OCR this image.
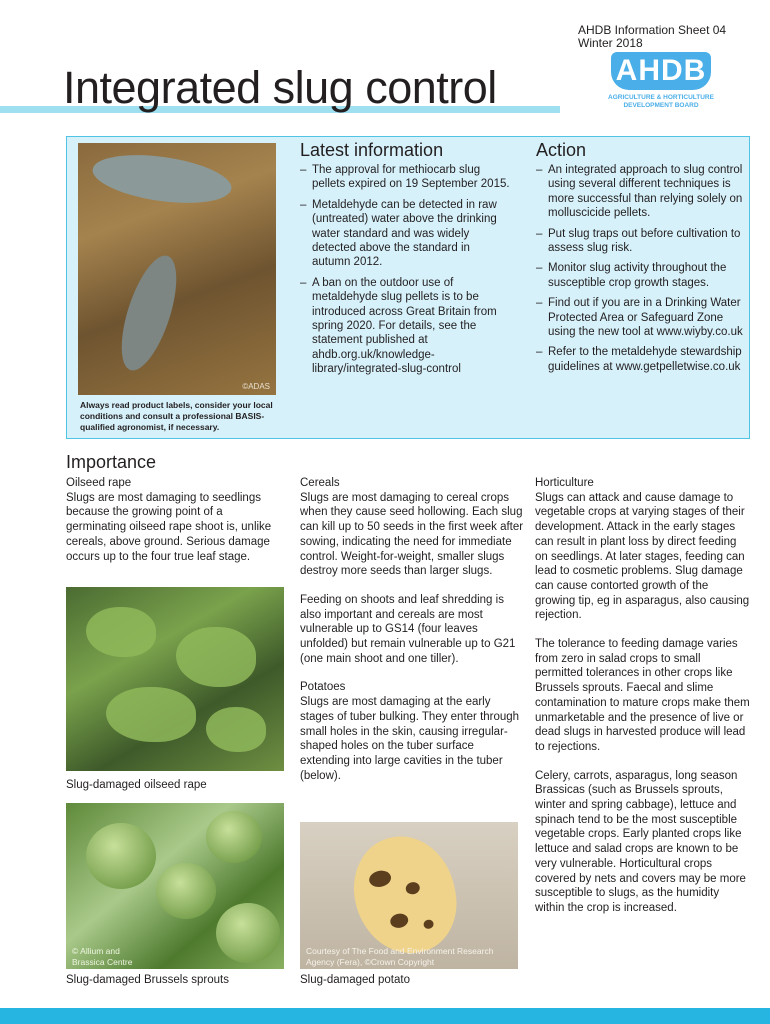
AHDB Information Sheet 04
Winter 2018
AHDB
AGRICULTURE & HORTICULTURE
DEVELOPMENT BOARD
Integrated slug control
©ADAS
Always read product labels, consider your local conditions and consult a professional BASIS-qualified agronomist, if necessary.
Latest information
– The approval for methiocarb slug pellets expired on 19 September 2015.
– Metaldehyde can be detected in raw (untreated) water above the drinking water standard and was widely detected above the standard in autumn 2012.
– A ban on the outdoor use of metaldehyde slug pellets is to be introduced across Great Britain from spring 2020. For details, see the statement published at ahdb.org.uk/knowledge-library/integrated-slug-control
Action
– An integrated approach to slug control using several different techniques is more successful than relying solely on molluscicide pellets.
– Put slug traps out before cultivation to assess slug risk.
– Monitor slug activity throughout the susceptible crop growth stages.
– Find out if you are in a Drinking Water Protected Area or Safeguard Zone using the new tool at www.wiyby.co.uk
– Refer to the metaldehyde stewardship guidelines at www.getpelletwise.co.uk
Importance

Oilseed rape

Slugs are most damaging to seedlings because the growing point of a germinating oilseed rape shoot is, unlike cereals, above ground. Serious damage occurs up to the four true leaf stage.

Cereals

Slugs are most damaging to cereal crops when they cause seed hollowing. Each slug can kill up to 50 seeds in the first week after sowing, indicating the need for immediate control. Weight-for-weight, smaller slugs destroy more seeds than larger slugs.

Feeding on shoots and leaf shredding is also important and cereals are most vulnerable up to GS14 (four leaves unfolded) but remain vulnerable up to G21 (one main shoot and one tiller).

Potatoes

Slugs are most damaging at the early stages of tuber bulking. They enter through small holes in the skin, causing irregular-shaped holes on the tuber surface extending into large cavities in the tuber (below).

Horticulture

Slugs can attack and cause damage to vegetable crops at varying stages of their development. Attack in the early stages can result in plant loss by direct feeding on seedlings. At later stages, feeding can lead to cosmetic problems. Slug damage can cause contorted growth of the growing tip, eg in asparagus, also causing rejection.

The tolerance to feeding damage varies from zero in salad crops to small permitted tolerances in other crops like Brussels sprouts. Faecal and slime contamination to mature crops make them unmarketable and the presence of live or dead slugs in harvested produce will lead to rejections.

Celery, carrots, asparagus, long season Brassicas (such as Brussels sprouts, winter and spring cabbage), lettuce and spinach tend to be the most susceptible vegetable crops. Early planted crops like lettuce and salad crops are known to be very vulnerable. Horticultural crops covered by nets and covers may be more susceptible to slugs, as the humidity within the crop is increased.

Slug-damaged oilseed rape
© Allium and Brassica Centre
Slug-damaged Brussels sprouts
Courtesy of The Food and Environment Research Agency (Fera), ©Crown Copyright
Slug-damaged potato
